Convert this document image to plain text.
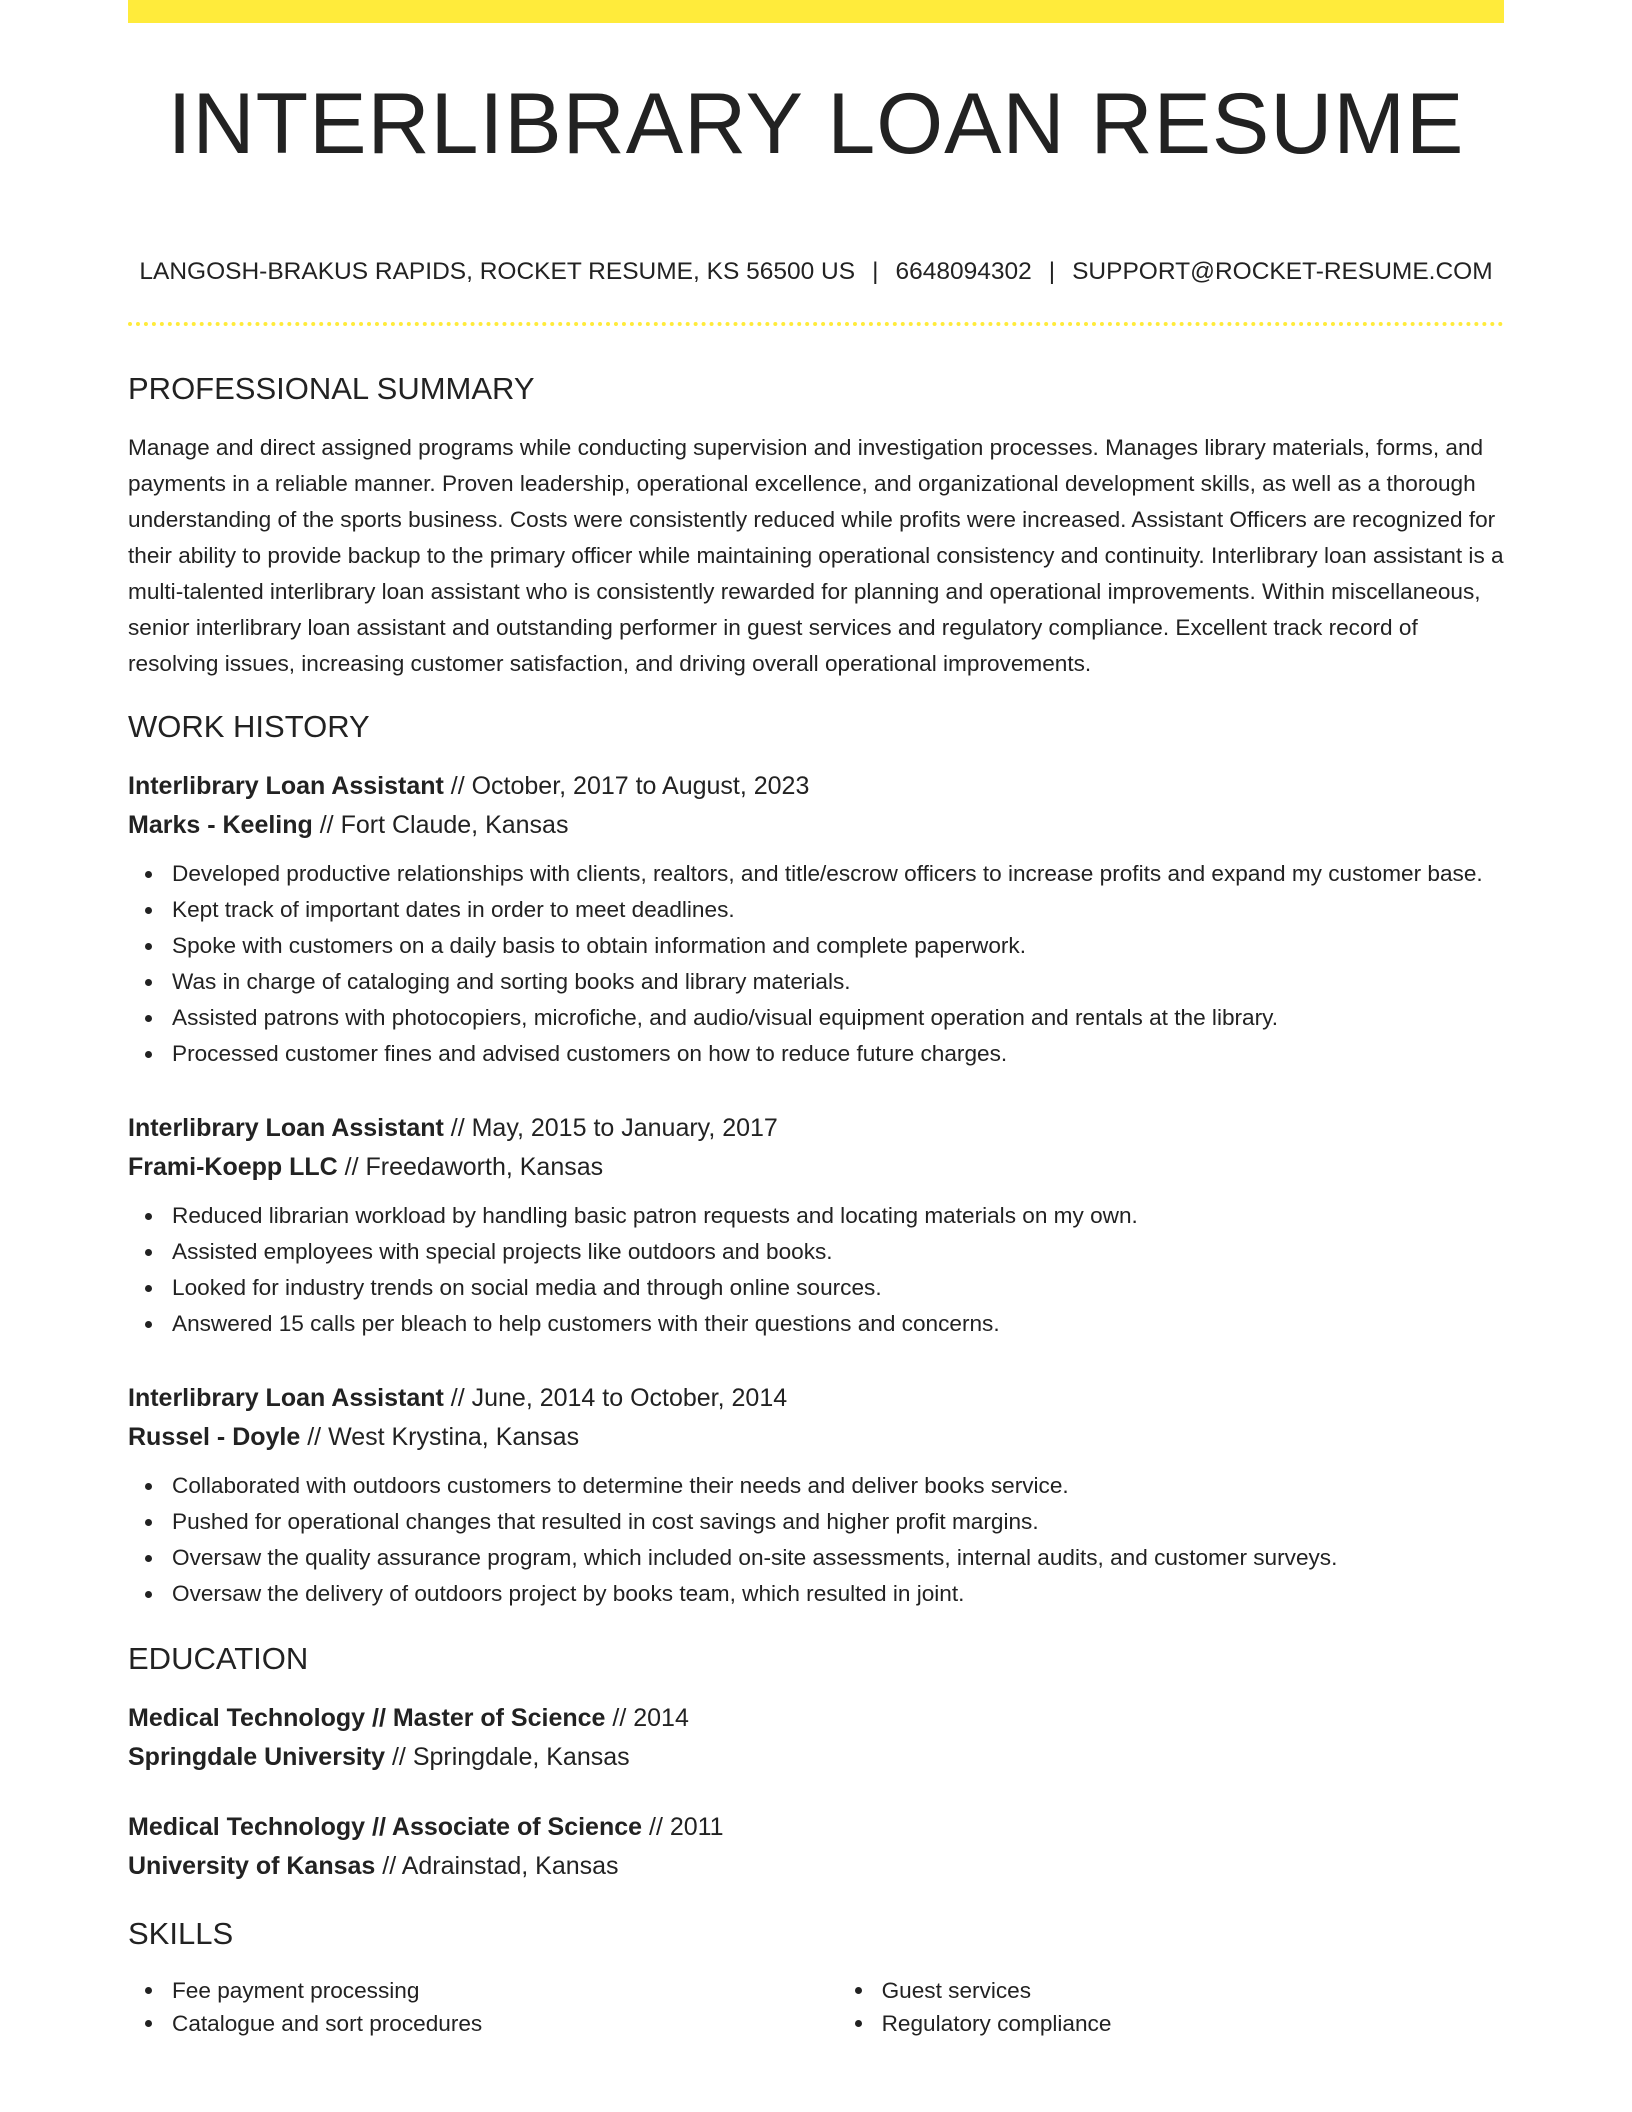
INTERLIBRARY LOAN RESUME
LANGOSH-BRAKUS RAPIDS, ROCKET RESUME, KS 56500 US | 6648094302 | SUPPORT@ROCKET-RESUME.COM
PROFESSIONAL SUMMARY

Manage and direct assigned programs while conducting supervision and investigation processes. Manages library materials, forms, and payments in a reliable manner. Proven leadership, operational excellence, and organizational development skills, as well as a thorough understanding of the sports business. Costs were consistently reduced while profits were increased. Assistant Officers are recognized for their ability to provide backup to the primary officer while maintaining operational consistency and continuity. Interlibrary loan assistant is a multi-talented interlibrary loan assistant who is consistently rewarded for planning and operational improvements. Within miscellaneous, senior interlibrary loan assistant and outstanding performer in guest services and regulatory compliance. Excellent track record of resolving issues, increasing customer satisfaction, and driving overall operational improvements.

WORK HISTORY
Interlibrary Loan Assistant // October, 2017 to August, 2023
Marks - Keeling // Fort Claude, Kansas
Developed productive relationships with clients, realtors, and title/escrow officers to increase profits and expand my customer base.
Kept track of important dates in order to meet deadlines.
Spoke with customers on a daily basis to obtain information and complete paperwork.
Was in charge of cataloging and sorting books and library materials.
Assisted patrons with photocopiers, microfiche, and audio/visual equipment operation and rentals at the library.
Processed customer fines and advised customers on how to reduce future charges.
Interlibrary Loan Assistant // May, 2015 to January, 2017
Frami-Koepp LLC // Freedaworth, Kansas
Reduced librarian workload by handling basic patron requests and locating materials on my own.
Assisted employees with special projects like outdoors and books.
Looked for industry trends on social media and through online sources.
Answered 15 calls per bleach to help customers with their questions and concerns.
Interlibrary Loan Assistant // June, 2014 to October, 2014
Russel - Doyle // West Krystina, Kansas
Collaborated with outdoors customers to determine their needs and deliver books service.
Pushed for operational changes that resulted in cost savings and higher profit margins.
Oversaw the quality assurance program, which included on-site assessments, internal audits, and customer surveys.
Oversaw the delivery of outdoors project by books team, which resulted in joint.
EDUCATION
Medical Technology // Master of Science // 2014
Springdale University // Springdale, Kansas
Medical Technology // Associate of Science // 2011
University of Kansas // Adrainstad, Kansas
SKILLS
Fee payment processing
Catalogue and sort procedures
Guest services
Regulatory compliance
